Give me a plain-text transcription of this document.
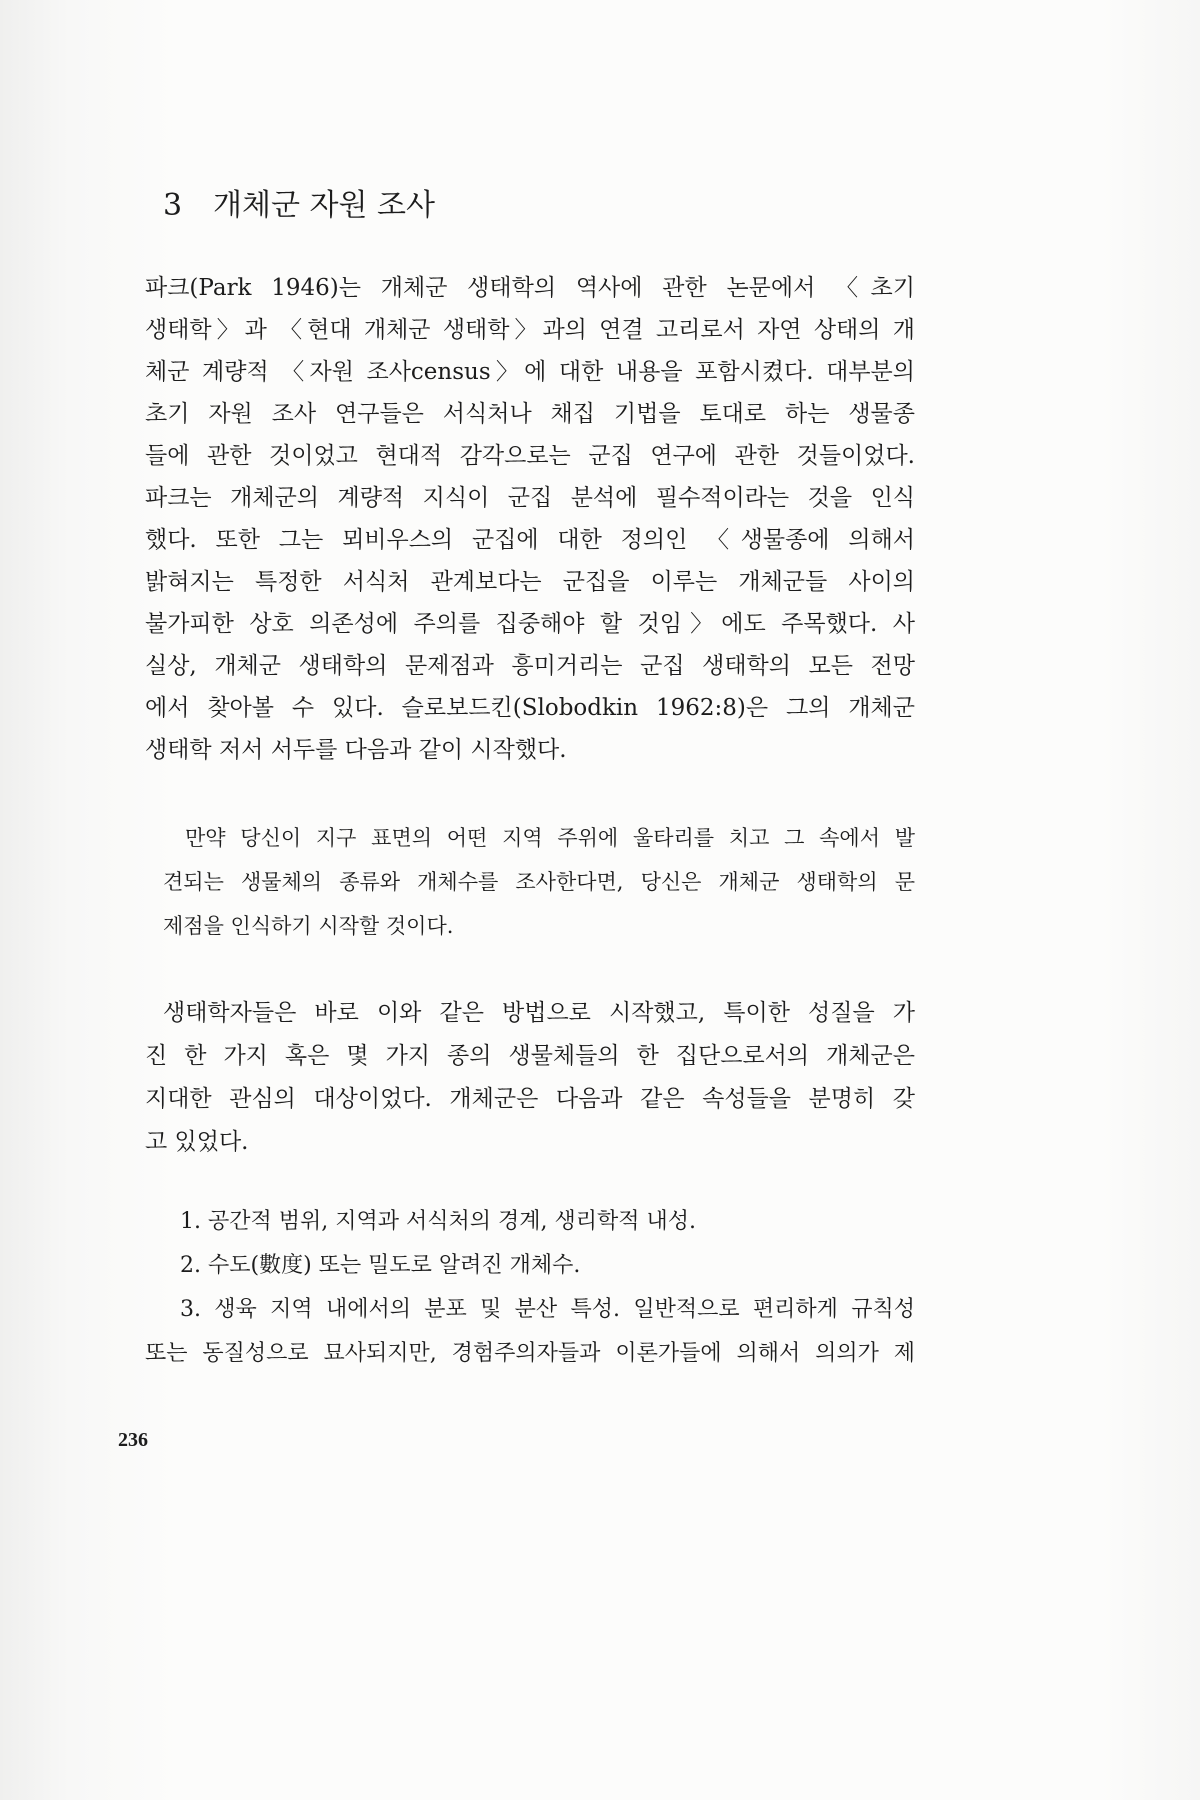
3 개체군 자원 조사
파크(Park 1946)는 개체군 생태학의 역사에 관한 논문에서 〈초기
생태학〉과 〈현대 개체군 생태학〉과의 연결 고리로서 자연 상태의 개
체군 계량적 〈자원 조사census〉에 대한 내용을 포함시켰다. 대부분의
초기 자원 조사 연구들은 서식처나 채집 기법을 토대로 하는 생물종
들에 관한 것이었고 현대적 감각으로는 군집 연구에 관한 것들이었다.
파크는 개체군의 계량적 지식이 군집 분석에 필수적이라는 것을 인식
했다. 또한 그는 뫼비우스의 군집에 대한 정의인 〈생물종에 의해서
밝혀지는 특정한 서식처 관계보다는 군집을 이루는 개체군들 사이의
불가피한 상호 의존성에 주의를 집중해야 할 것임〉에도 주목했다. 사
실상, 개체군 생태학의 문제점과 흥미거리는 군집 생태학의 모든 전망
에서 찾아볼 수 있다. 슬로보드킨(Slobodkin 1962:8)은 그의 개체군
생태학 저서 서두를 다음과 같이 시작했다.
만약 당신이 지구 표면의 어떤 지역 주위에 울타리를 치고 그 속에서 발
견되는 생물체의 종류와 개체수를 조사한다면, 당신은 개체군 생태학의 문
제점을 인식하기 시작할 것이다.
생태학자들은 바로 이와 같은 방법으로 시작했고, 특이한 성질을 가
진 한 가지 혹은 몇 가지 종의 생물체들의 한 집단으로서의 개체군은
지대한 관심의 대상이었다. 개체군은 다음과 같은 속성들을 분명히 갖
고 있었다.
1. 공간적 범위, 지역과 서식처의 경계, 생리학적 내성.
2. 수도(數度) 또는 밀도로 알려진 개체수.
3. 생육 지역 내에서의 분포 및 분산 특성. 일반적으로 편리하게 규칙성
또는 동질성으로 묘사되지만, 경험주의자들과 이론가들에 의해서 의의가 제
236
